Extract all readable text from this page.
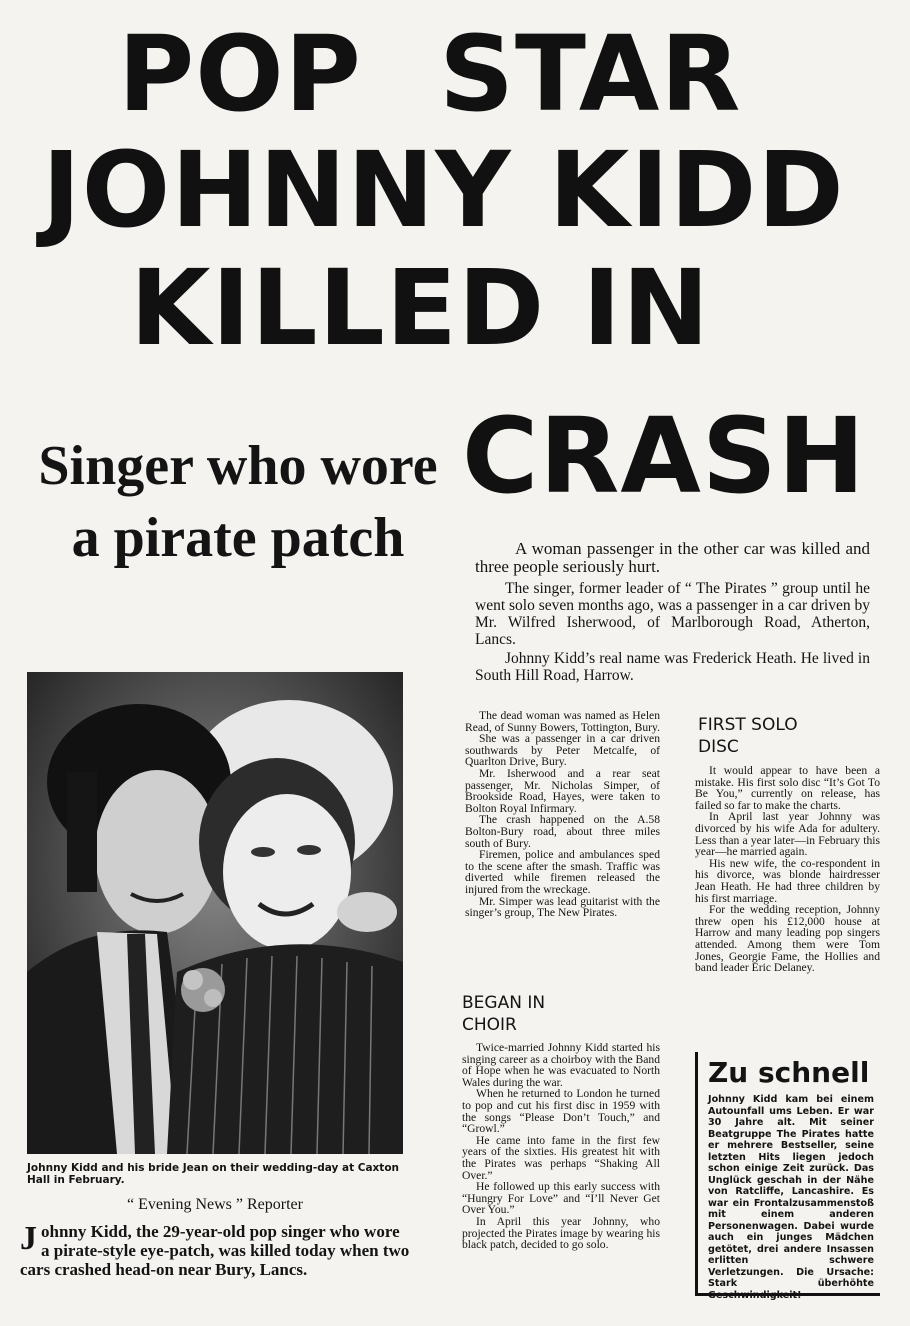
POP STAR
JOHNNY KIDD
KILLED IN
CRASH
Singer who wore a pirate patch	A woman passenger in the other car was killed and three people seriously hurt.

The singer, former leader of “ The Pirates ” group until he went solo seven months ago, was a passenger in a car driven by Mr. Wilfred Isherwood, of Marlborough Road, Atherton, Lancs.

Johnny Kidd’s real name was Frederick Heath. He lived in South Hill Road, Harrow.

The dead woman was named as Helen Read, of Sunny Bowers, Tottington, Bury.

She was a passenger in a car driven southwards by Peter Metcalfe, of Quarlton Drive, Bury.

Mr. Isherwood and a rear seat passenger, Mr. Nicholas Simper, of Brookside Road, Hayes, were taken to Bolton Royal Infirmary.

The crash happened on the A.58 Bolton-Bury road, about three miles south of Bury.

Firemen, police and ambulances sped to the scene after the smash. Traffic was diverted while firemen released the injured from the wreckage.

Mr. Simper was lead guitarist with the singer’s group, The New Pirates.

FIRST SOLO
DISC

It would appear to have been a mistake. His first solo disc “It’s Got To Be You,” currently on release, has failed so far to make the charts.

In April last year Johnny was divorced by his wife Ada for adultery. Less than a year later—in February this year—he married again.

His new wife, the co-respondent in his divorce, was blonde hairdresser Jean Heath. He had three children by his first marriage.

For the wedding reception, Johnny threw open his £12,000 house at Harrow and many leading pop singers attended. Among them were Tom Jones, Georgie Fame, the Hollies and band leader Eric Delaney.

BEGAN IN
CHOIR

Twice-married Johnny Kidd started his singing career as a choirboy with the Band of Hope when he was evacuated to North Wales during the war.

When he returned to London he turned to pop and cut his first disc in 1959 with the songs “Please Don’t Touch,” and “Growl.”

He came into fame in the first few years of the sixties. His greatest hit with the Pirates was perhaps “Shaking All Over.”

He followed up this early success with “Hungry For Love” and “I’ll Never Get Over You.”

In April this year Johnny, who projected the Pirates image by wearing his black patch, decided to go solo.

Johnny Kidd and his bride Jean on their wedding-day at Caxton Hall in February.
“ Evening News ” Reporter
Johnny Kidd, the 29-year-old pop singer who wore a pirate-style eye-patch, was killed today when two cars crashed head-on near Bury, Lancs.
Zu schnell
Johnny Kidd kam bei einem Autounfall ums Leben. Er war 30 Jahre alt. Mit seiner Beatgruppe The Pirates hatte er mehrere Bestseller, seine letzten Hits liegen jedoch schon einige Zeit zurück. Das Unglück geschah in der Nähe von Ratcliffe, Lancashire. Es war ein Frontalzusammenstoß mit einem anderen Personenwagen. Dabei wurde auch ein junges Mädchen getötet, drei andere Insassen erlitten schwere Verletzungen. Die Ursache: Stark überhöhte Geschwindigkeit!
